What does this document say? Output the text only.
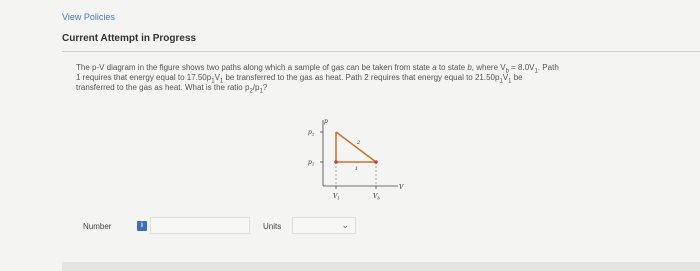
View Policies
Current Attempt in Progress
The p-V diagram in the figure shows two paths along which a sample of gas can be taken from state a to state b, where $V_b = 8.0V_1$. Path
1 requires that energy equal to $17.50p_1V_1$ be transferred to the gas as heat. Path 2 requires that energy equal to $21.50p_1V_1$ be
transferred to the gas as heat. What is the ratio $p_2/p_1$?
p
V
$p_2$
$p_1$
$V_1$	$V_b$
1
2
Number	i	Units	⌄
